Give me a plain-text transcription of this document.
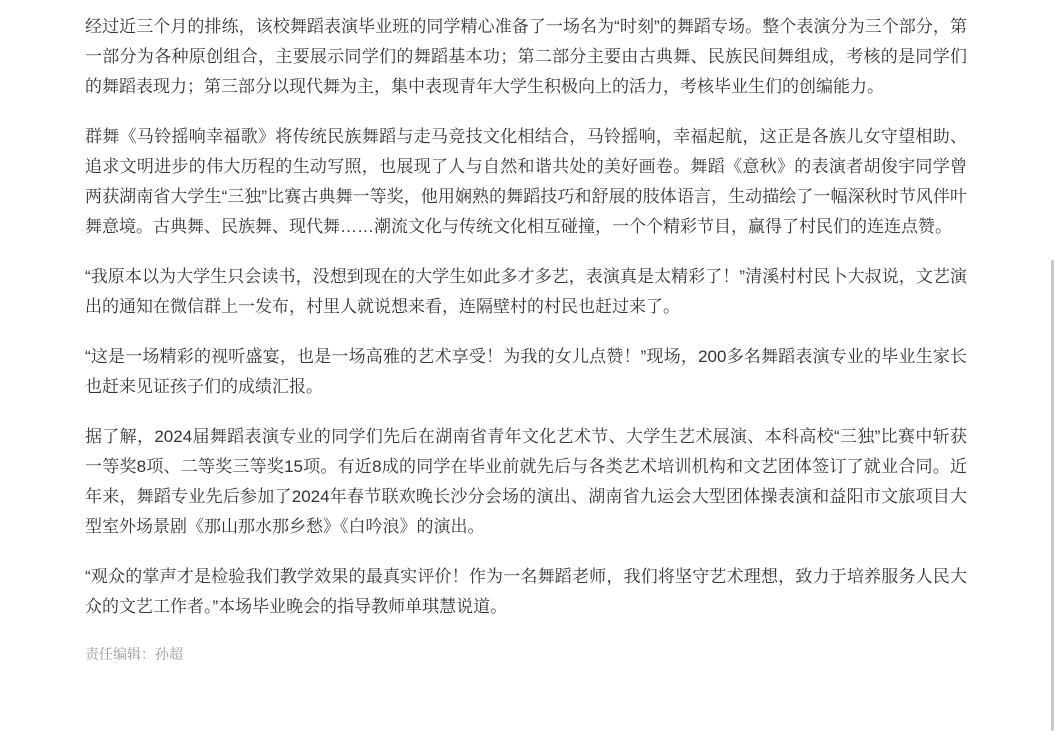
经过近三个月的排练，该校舞蹈表演毕业班的同学精心准备了一场名为“时刻”的舞蹈专场。整个表演分为三个部分，第一部分为各种原创组合，主要展示同学们的舞蹈基本功；第二部分主要由古典舞、民族民间舞组成，考核的是同学们的舞蹈表现力；第三部分以现代舞为主，集中表现青年大学生积极向上的活力，考核毕业生们的创编能力。

群舞《马铃摇响幸福歌》将传统民族舞蹈与走马竞技文化相结合，马铃摇响，幸福起航，这正是各族儿女守望相助、追求文明进步的伟大历程的生动写照，也展现了人与自然和谐共处的美好画卷。舞蹈《意秋》的表演者胡俊宇同学曾两获湖南省大学生“三独”比赛古典舞一等奖，他用娴熟的舞蹈技巧和舒展的肢体语言，生动描绘了一幅深秋时节风伴叶舞意境。古典舞、民族舞、现代舞……潮流文化与传统文化相互碰撞，一个个精彩节目，赢得了村民们的连连点赞。

“我原本以为大学生只会读书，没想到现在的大学生如此多才多艺，表演真是太精彩了！”清溪村村民卜大叔说，文艺演出的通知在微信群上一发布，村里人就说想来看，连隔壁村的村民也赶过来了。

“这是一场精彩的视听盛宴，也是一场高雅的艺术享受！为我的女儿点赞！”现场，200多名舞蹈表演专业的毕业生家长也赶来见证孩子们的成绩汇报。

据了解，2024届舞蹈表演专业的同学们先后在湖南省青年文化艺术节、大学生艺术展演、本科高校“三独”比赛中斩获一等奖8项、二等奖三等奖15项。有近8成的同学在毕业前就先后与各类艺术培训机构和文艺团体签订了就业合同。近年来，舞蹈专业先后参加了2024年春节联欢晚长沙分会场的演出、湖南省九运会大型团体操表演和益阳市文旅项目大型室外场景剧《那山那水那乡愁》《白吟浪》的演出。

“观众的掌声才是检验我们教学效果的最真实评价！作为一名舞蹈老师，我们将坚守艺术理想，致力于培养服务人民大众的文艺工作者。”本场毕业晚会的指导教师单琪慧说道。

责任编辑：孙超
